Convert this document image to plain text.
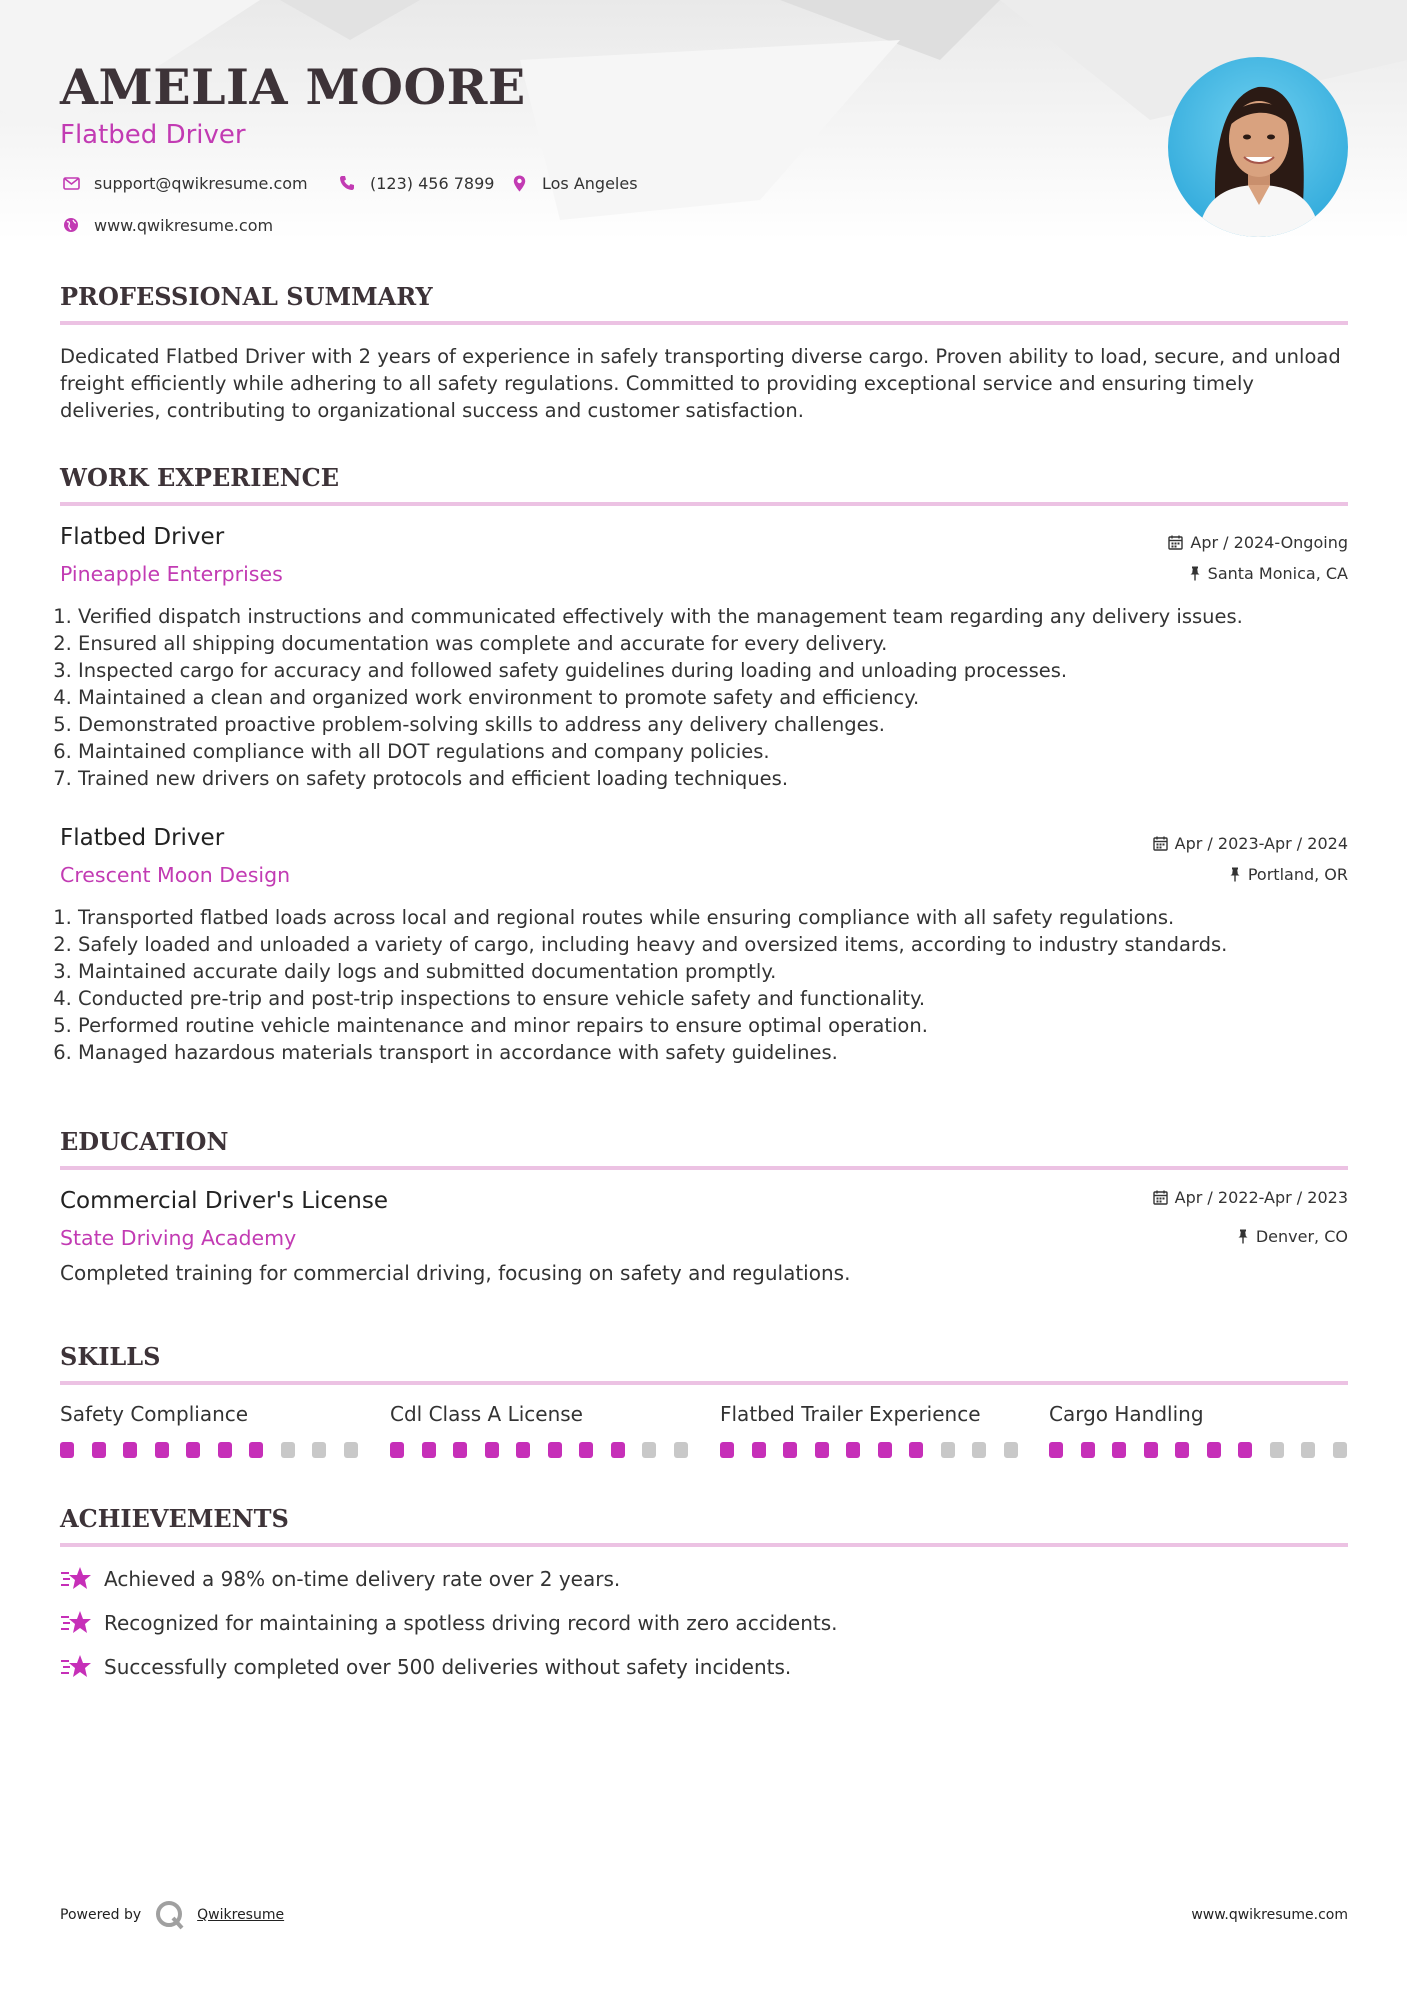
AMELIA MOORE
Flatbed Driver
support@qwikresume.com	(123) 456 7899	Los Angeles
www.qwikresume.com
PROFESSIONAL SUMMARY
Dedicated Flatbed Driver with 2 years of experience in safely transporting diverse cargo. Proven ability to load, secure, and unload freight efficiently while adhering to all safety regulations. Committed to providing exceptional service and ensuring timely deliveries, contributing to organizational success and customer satisfaction.
WORK EXPERIENCE
Flatbed Driver
Pineapple Enterprises
Apr / 2024-Ongoing
Santa Monica, CA
1. Verified dispatch instructions and communicated effectively with the management team regarding any delivery issues.
2. Ensured all shipping documentation was complete and accurate for every delivery.
3. Inspected cargo for accuracy and followed safety guidelines during loading and unloading processes.
4. Maintained a clean and organized work environment to promote safety and efficiency.
5. Demonstrated proactive problem-solving skills to address any delivery challenges.
6. Maintained compliance with all DOT regulations and company policies.
7. Trained new drivers on safety protocols and efficient loading techniques.
Flatbed Driver
Crescent Moon Design
Apr / 2023-Apr / 2024
Portland, OR
1. Transported flatbed loads across local and regional routes while ensuring compliance with all safety regulations.
2. Safely loaded and unloaded a variety of cargo, including heavy and oversized items, according to industry standards.
3. Maintained accurate daily logs and submitted documentation promptly.
4. Conducted pre-trip and post-trip inspections to ensure vehicle safety and functionality.
5. Performed routine vehicle maintenance and minor repairs to ensure optimal operation.
6. Managed hazardous materials transport in accordance with safety guidelines.
EDUCATION
Commercial Driver's License
State Driving Academy
Apr / 2022-Apr / 2023
Denver, CO
Completed training for commercial driving, focusing on safety and regulations.
SKILLS
Safety Compliance	Cdl Class A License	Flatbed Trailer Experience	Cargo Handling
ACHIEVEMENTS
Achieved a 98% on-time delivery rate over 2 years.
Recognized for maintaining a spotless driving record with zero accidents.
Successfully completed over 500 deliveries without safety incidents.
Powered by	Qwikresume	www.qwikresume.com
